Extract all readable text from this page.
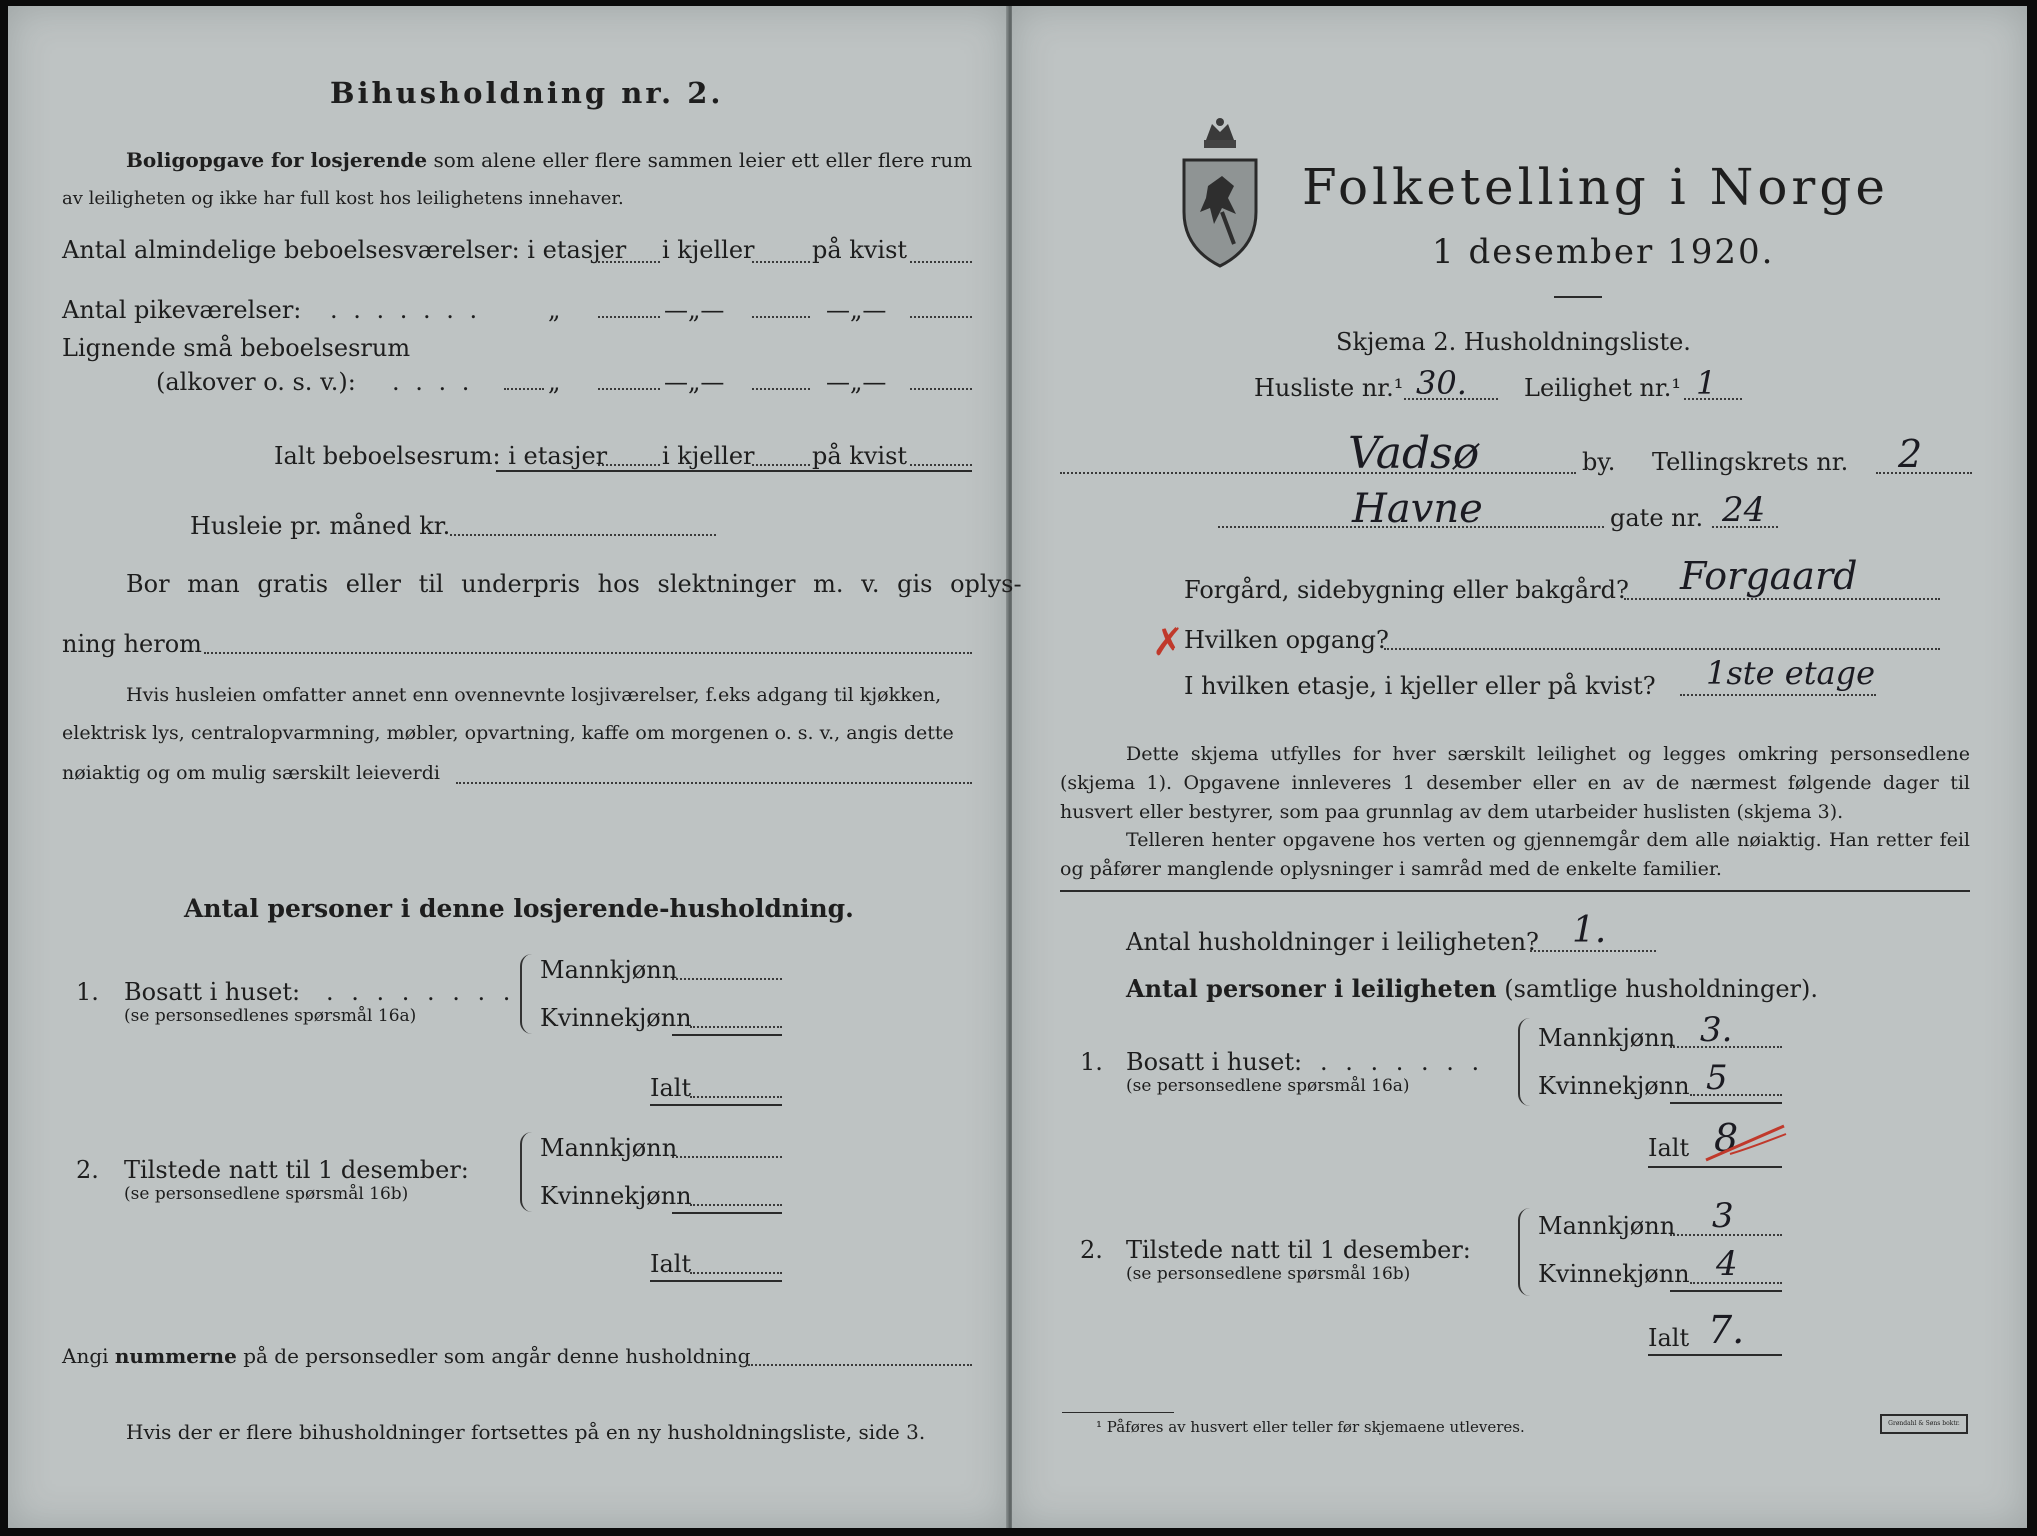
Bihusholdning nr. 2.
Boligopgave for losjerende som alene eller flere sammen leier ett eller flere rum
av leiligheten og ikke har full kost hos leilighetens innehaver.
Antal almindelige beboelsesværelser: i etasjer i kjeller på kvist
Antal pikeværelser: . . . . . . .	„	—„—	—„—
Lignende små beboelsesrum
(alkover o. s. v.): . . . .	„	—„—	—„—
Ialt beboelsesrum: i etasjer i kjeller på kvist
Husleie pr. måned kr.
Bor man gratis eller til underpris hos slektninger m. v. gis oplys-
ning herom
Hvis husleien omfatter annet enn ovennevnte losjiværelser, f.eks adgang til kjøkken,
elektrisk lys, centralopvarmning, møbler, opvartning, kaffe om morgenen o. s. v., angis dette
nøiaktig og om mulig særskilt leieverdi
Antal personer i denne losjerende-husholdning.
1. Bosatt i huset: . . . . . . . .
(se personsedlenes spørsmål 16a)
Mannkjønn
Kvinnekjønn
Ialt
2. Tilstede natt til 1 desember:
(se personsedlene spørsmål 16b)
Mannkjønn
Kvinnekjønn
Ialt
Angi nummerne på de personsedler som angår denne husholdning
Hvis der er flere bihusholdninger fortsettes på en ny husholdningsliste, side 3.
Folketelling i Norge
1 desember 1920.
Skjema 2. Husholdningsliste.
Husliste nr.¹ 30. Leilighet nr.¹ 1
Vadsø	by. Tellingskrets nr. 2
Havne	gate nr. 24
Forgård, sidebygning eller bakgård? Forgaard
✗ Hvilken opgang?
I hvilken etasje, i kjeller eller på kvist? 1ste etage
Dette skjema utfylles for hver særskilt leilighet og legges omkring personsedlene (skjema 1). Opgavene innleveres 1 desember eller en av de nærmest følgende dager til husvert eller bestyrer, som paa grunnlag av dem utarbeider huslisten (skjema 3).
Telleren henter opgavene hos verten og gjennemgår dem alle nøiaktig. Han retter feil og påfører manglende oplysninger i samråd med de enkelte familier.
Antal husholdninger i leiligheten? 1.
Antal personer i leiligheten (samtlige husholdninger).
1. Bosatt i huset: . . . . . . .
(se personsedlene spørsmål 16a)
Mannkjønn 3.
Kvinnekjønn 5
Ialt 8
2. Tilstede natt til 1 desember:
(se personsedlene spørsmål 16b)
Mannkjønn 3
Kvinnekjønn 4
Ialt 7.
¹ Påføres av husvert eller teller før skjemaene utleveres.	Grøndahl & Søns boktr.
